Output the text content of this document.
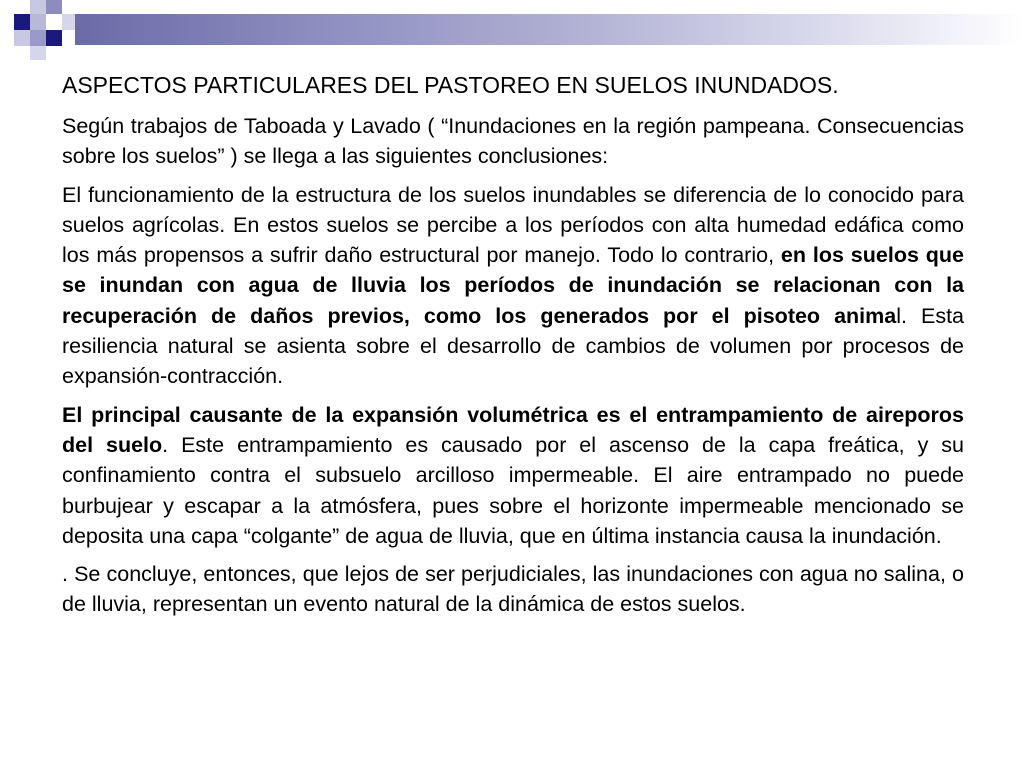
ASPECTOS PARTICULARES DEL PASTOREO EN SUELOS INUNDADOS.

Según trabajos de Taboada y Lavado ( “Inundaciones en la región pampeana. Consecuencias sobre los suelos” ) se llega a las siguientes conclusiones:

El funcionamiento de la estructura de los suelos inundables se diferencia de lo conocido para suelos agrícolas. En estos suelos se percibe a los períodos con alta humedad edáfica como los más propensos a sufrir daño estructural por manejo. Todo lo contrario, en los suelos que se inundan con agua de lluvia los períodos de inundación se relacionan con la recuperación de daños previos, como los generados por el pisoteo animal. Esta resiliencia natural se asienta sobre el desarrollo de cambios de volumen por procesos de expansión-contracción.

El principal causante de la expansión volumétrica es el entrampamiento de aireporos del suelo. Este entrampamiento es causado por el ascenso de la capa freática, y su confinamiento contra el subsuelo arcilloso impermeable. El aire entrampado no puede burbujear y escapar a la atmósfera, pues sobre el horizonte impermeable mencionado se deposita una capa “colgante” de agua de lluvia, que en última instancia causa la inundación.

. Se concluye, entonces, que lejos de ser perjudiciales, las inundaciones con agua no salina, o de lluvia, representan un evento natural de la dinámica de estos suelos.
